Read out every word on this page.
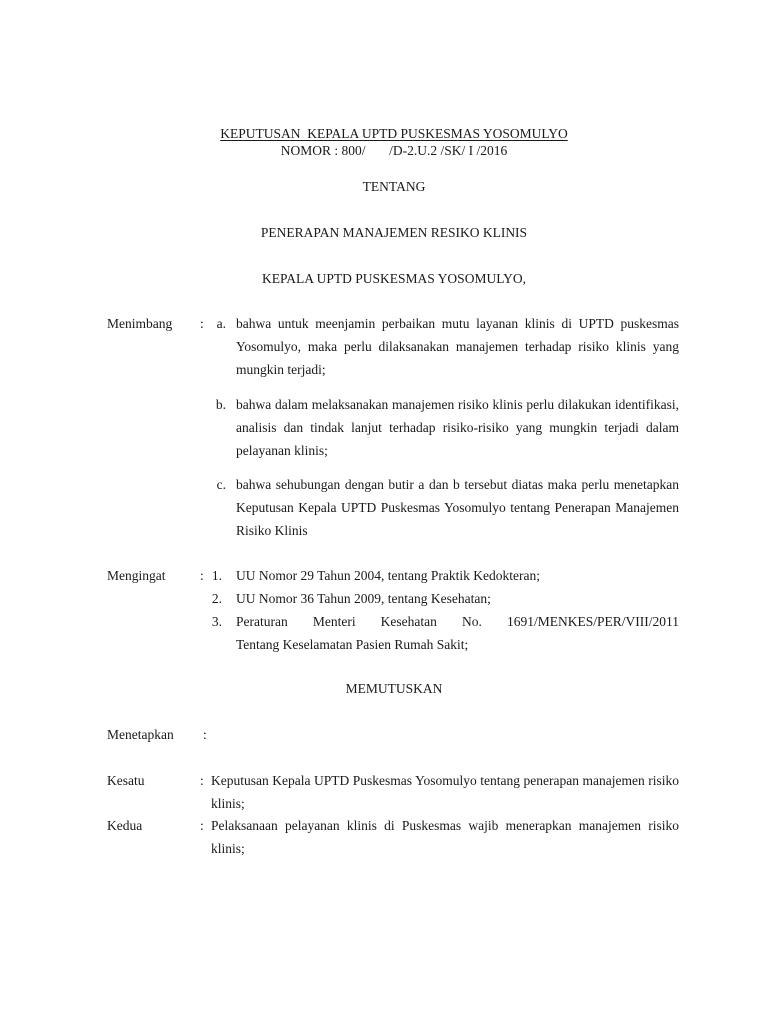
KEPUTUSAN  KEPALA UPTD PUSKESMAS YOSOMULYO
NOMOR : 800/       /D-2.U.2 /SK/ I /2016
TENTANG
PENERAPAN MANAJEMEN RESIKO KLINIS
KEPALA UPTD PUSKESMAS YOSOMULYO,
Menimbang : a. bahwa untuk meenjamin perbaikan mutu layanan klinis di UPTD puskesmas Yosomulyo, maka perlu dilaksanakan manajemen terhadap risiko klinis yang mungkin terjadi;
b. bahwa dalam melaksanakan manajemen risiko klinis perlu dilakukan identifikasi, analisis dan tindak lanjut terhadap risiko-risiko yang mungkin terjadi dalam pelayanan klinis;
c. bahwa sehubungan dengan butir a dan b tersebut diatas maka perlu menetapkan Keputusan Kepala UPTD Puskesmas Yosomulyo tentang Penerapan Manajemen Risiko Klinis
Mengingat	: 1. UU Nomor 29 Tahun 2004, tentang Praktik Kedokteran;
2. UU Nomor 36 Tahun 2009, tentang Kesehatan;
3. Peraturan Menteri Kesehatan No. 1691/MENKES/PER/VIII/2011
Tentang Keselamatan Pasien Rumah Sakit;
MEMUTUSKAN
Menetapkan :
Kesatu	: Keputusan Kepala UPTD Puskesmas Yosomulyo tentang penerapan manajemen risiko klinis;
Kedua	: Pelaksanaan pelayanan klinis di Puskesmas wajib menerapkan manajemen risiko klinis;
